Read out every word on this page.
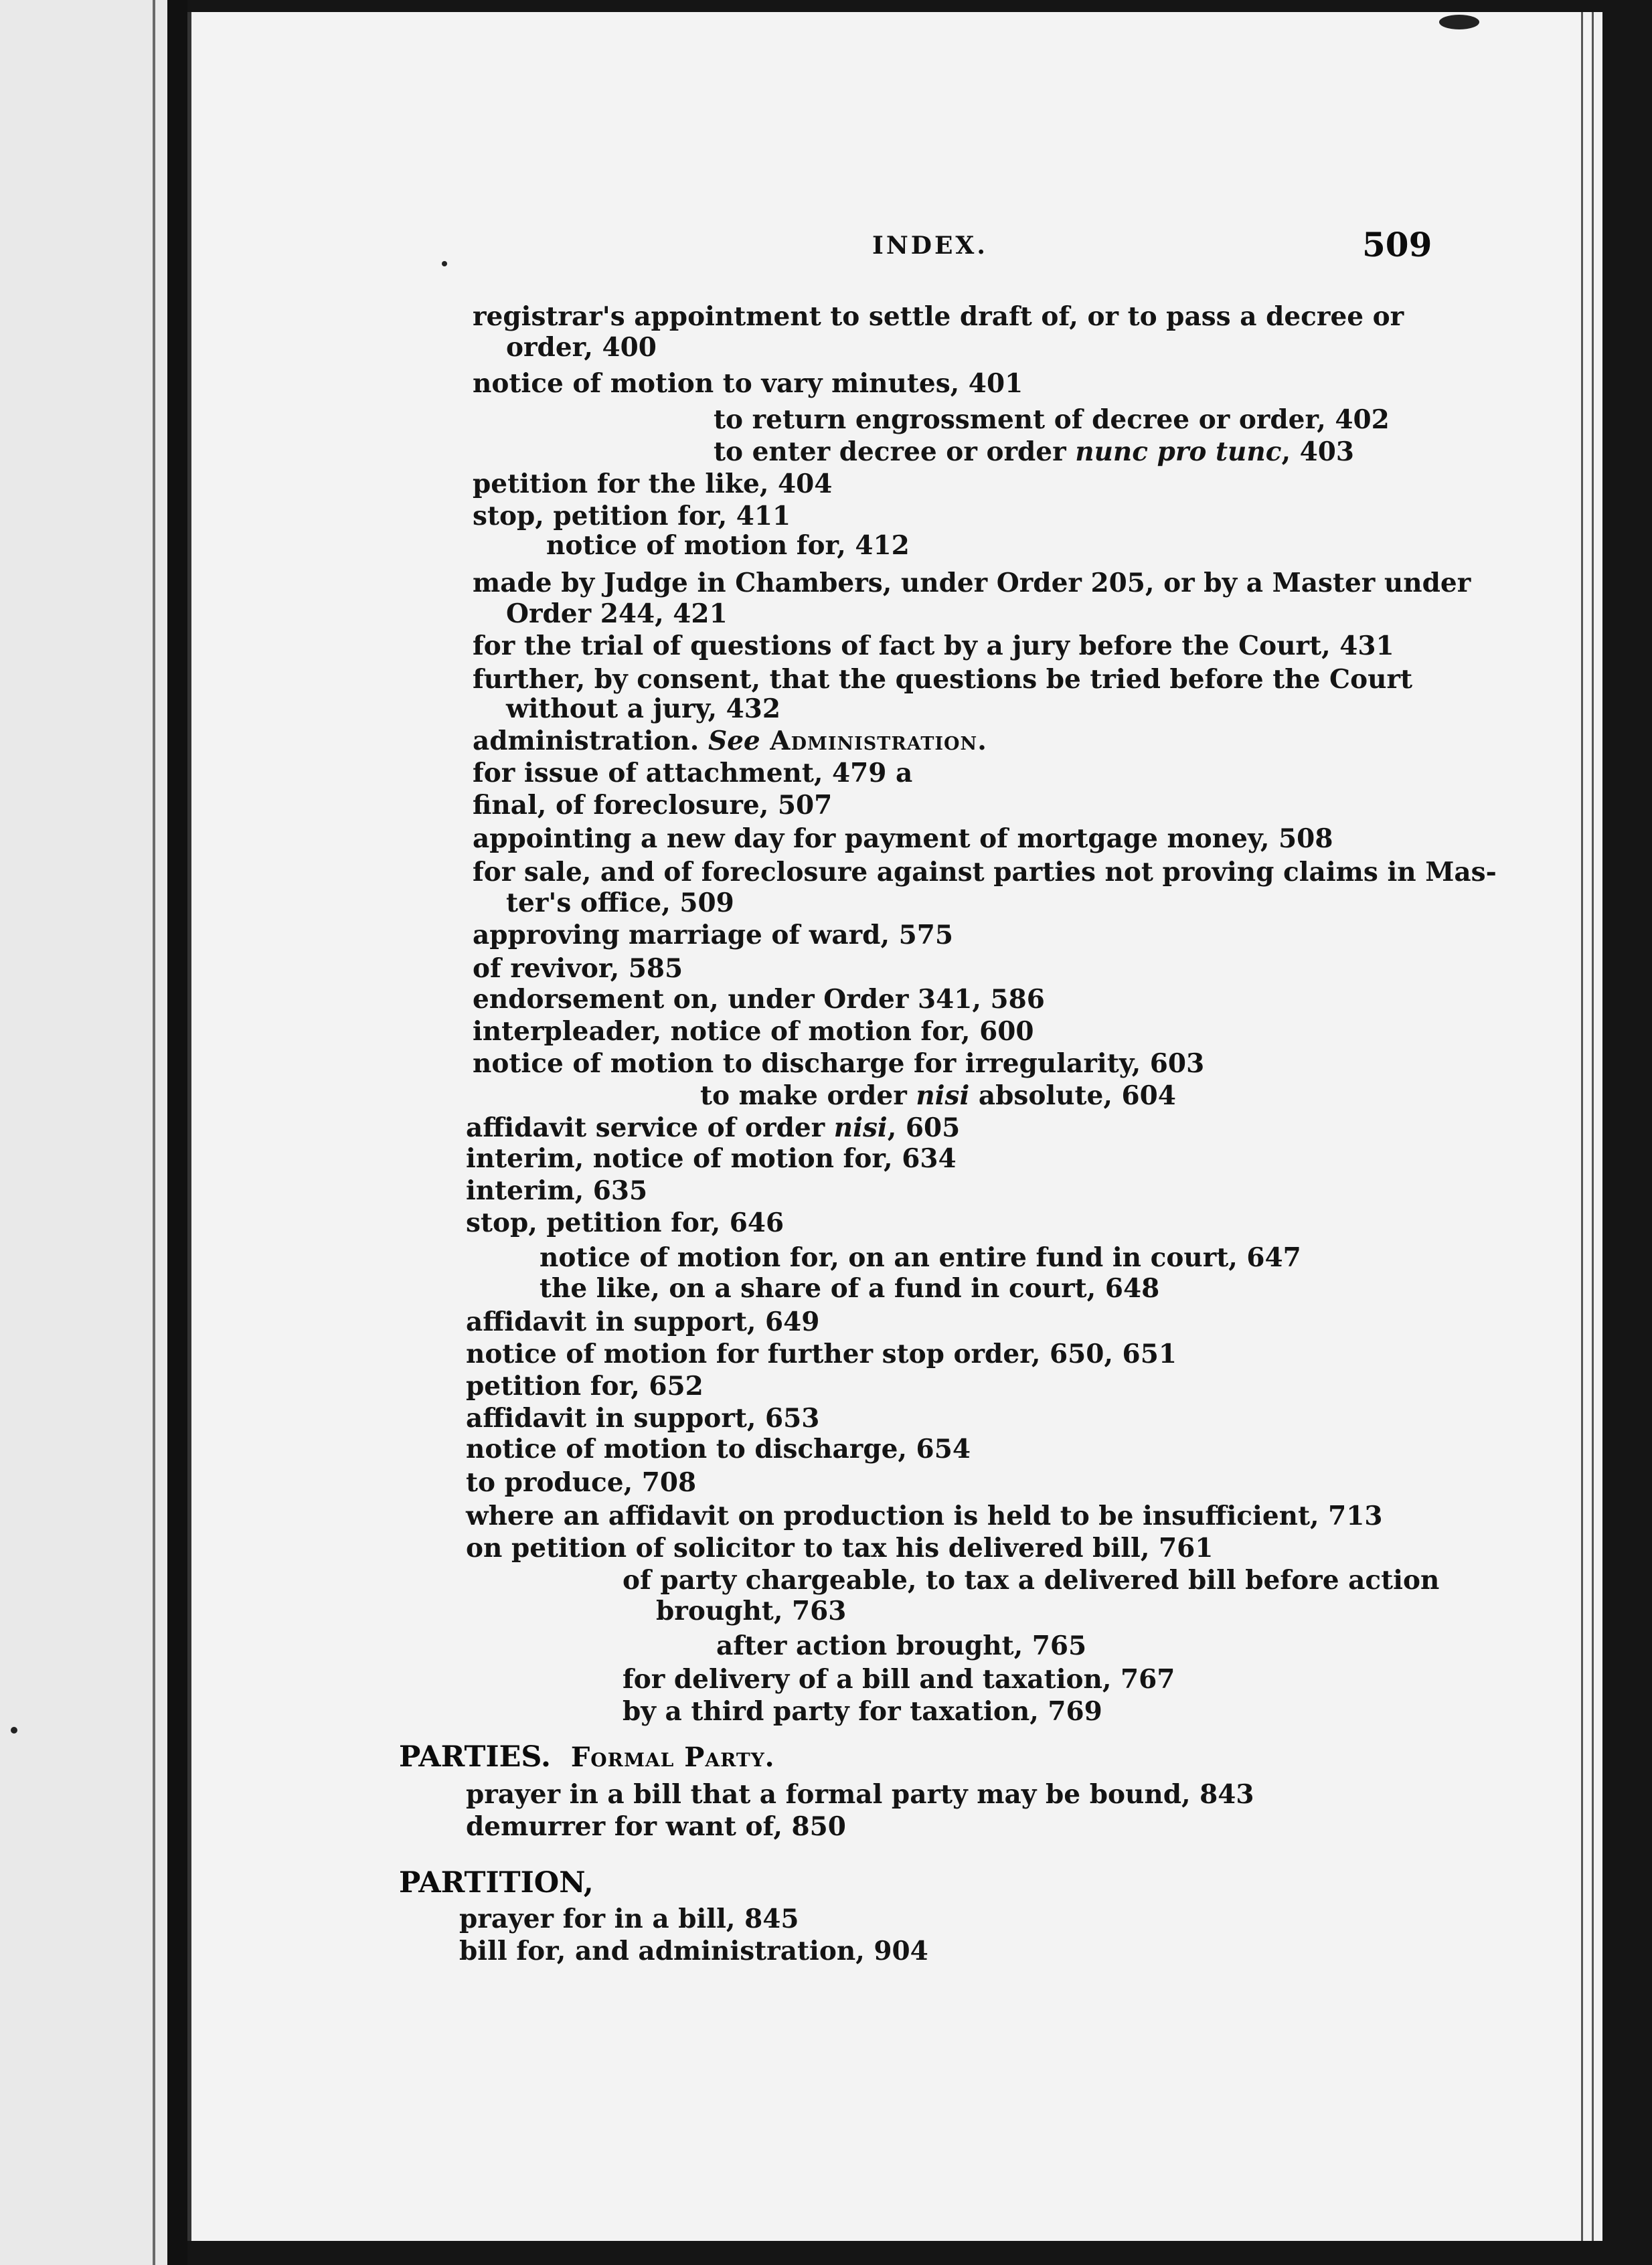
INDEX.	509
registrar's appointment to settle draft of, or to pass a decree or
order, 400
notice of motion to vary minutes, 401
to return engrossment of decree or order, 402
to enter decree or order nunc pro tunc, 403
petition for the like, 404
stop, petition for, 411
notice of motion for, 412
made by Judge in Chambers, under Order 205, or by a Master under
Order 244, 421
for the trial of questions of fact by a jury before the Court, 431
further, by consent, that the questions be tried before the Court
without a jury, 432
administration. See Administration.
for issue of attachment, 479 a
final, of foreclosure, 507
appointing a new day for payment of mortgage money, 508
for sale, and of foreclosure against parties not proving claims in Mas-
ter's office, 509
approving marriage of ward, 575
of revivor, 585
endorsement on, under Order 341, 586
interpleader, notice of motion for, 600
notice of motion to discharge for irregularity, 603
to make order nisi absolute, 604
affidavit service of order nisi, 605
interim, notice of motion for, 634
interim, 635
stop, petition for, 646
notice of motion for, on an entire fund in court, 647
the like, on a share of a fund in court, 648
affidavit in support, 649
notice of motion for further stop order, 650, 651
petition for, 652
affidavit in support, 653
notice of motion to discharge, 654
to produce, 708
where an affidavit on production is held to be insufficient, 713
on petition of solicitor to tax his delivered bill, 761
of party chargeable, to tax a delivered bill before action
brought, 763
after action brought, 765
for delivery of a bill and taxation, 767
by a third party for taxation, 769
PARTIES. Formal Party.
prayer in a bill that a formal party may be bound, 843
demurrer for want of, 850
PARTITION,
prayer for in a bill, 845
bill for, and administration, 904
